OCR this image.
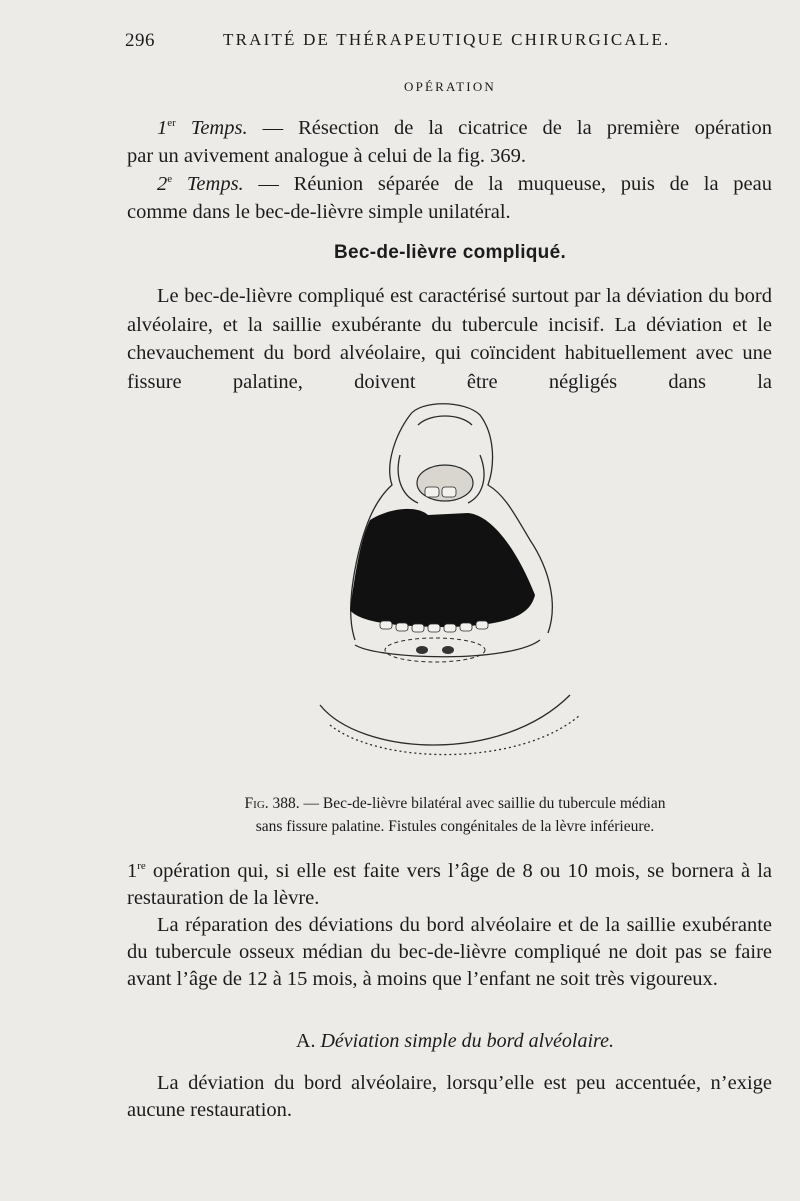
296	TRAITÉ DE THÉRAPEUTIQUE CHIRURGICALE.
OPÉRATION

1er Temps. — Résection de la cicatrice de la première opération

par un avivement analogue à celui de la fig. 369.

2e Temps. — Réunion séparée de la muqueuse, puis de la peau

comme dans le bec-de-lièvre simple unilatéral.

Bec-de-lièvre compliqué.

Le bec-de-lièvre compliqué est caractérisé surtout par la déviation du bord alvéolaire, et la saillie exubérante du tubercule incisif. La déviation et le chevauchement du bord alvéolaire, qui coïncident habituellement avec une fissure palatine, doivent être négligés dans la

Fig. 388. — Bec-de-lièvre bilatéral avec saillie du tubercule médian
sans fissure palatine. Fistules congénitales de la lèvre inférieure.

1re opération qui, si elle est faite vers l’âge de 8 ou 10 mois, se bornera à la restauration de la lèvre.

La réparation des déviations du bord alvéolaire et de la saillie exubérante du tubercule osseux médian du bec-de-lièvre compliqué ne doit pas se faire avant l’âge de 12 à 15 mois, à moins que l’enfant ne soit très vigoureux.

A. Déviation simple du bord alvéolaire.

La déviation du bord alvéolaire, lorsqu’elle est peu accentuée, n’exige aucune restauration.
